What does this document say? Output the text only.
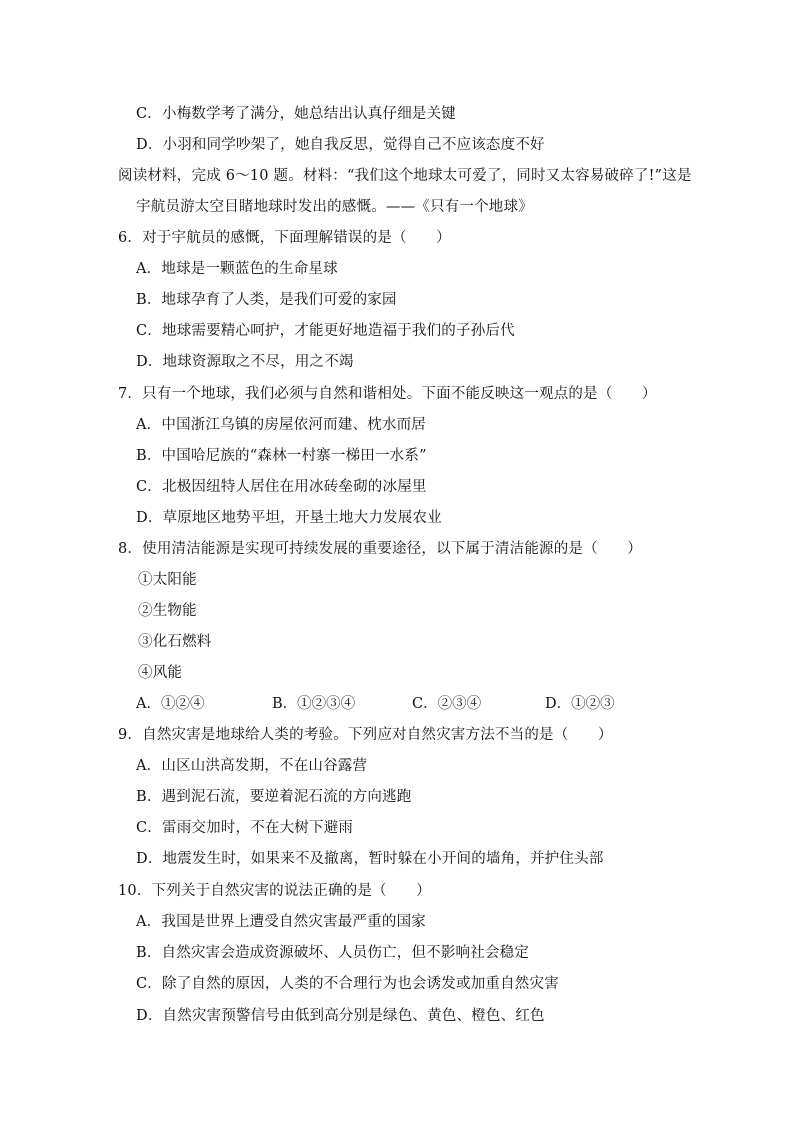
C．小梅数学考了满分，她总结出认真仔细是关键
D．小羽和同学吵架了，她自我反思，觉得自己不应该态度不好
阅读材料，完成 6～10 题。材料：“我们这个地球太可爱了，同时又太容易破碎了!”这是
宇航员游太空目睹地球时发出的感慨。——《只有一个地球》
6．对于宇航员的感慨，下面理解错误的是（　　）
A．地球是一颗蓝色的生命星球
B．地球孕育了人类，是我们可爱的家园
C．地球需要精心呵护，才能更好地造福于我们的子孙后代
D．地球资源取之不尽，用之不竭
7．只有一个地球，我们必须与自然和谐相处。下面不能反映这一观点的是（　　）
A．中国浙江乌镇的房屋依河而建、枕水而居
B．中国哈尼族的“森林一村寨一梯田一水系”
C．北极因纽特人居住在用冰砖垒砌的冰屋里
D．草原地区地势平坦，开垦土地大力发展农业
8．使用清洁能源是实现可持续发展的重要途径，以下属于清洁能源的是（　　）
①太阳能
②生物能
③化石燃料
④风能
A．①②④	B．①②③④	C．②③④	D．①②③
9．自然灾害是地球给人类的考验。下列应对自然灾害方法不当的是（　　）
A．山区山洪高发期，不在山谷露营
B．遇到泥石流，要逆着泥石流的方向逃跑
C．雷雨交加时，不在大树下避雨
D．地震发生时，如果来不及撤离，暂时躲在小开间的墙角，并护住头部
10．下列关于自然灾害的说法正确的是（　　）
A．我国是世界上遭受自然灾害最严重的国家
B．自然灾害会造成资源破坏、人员伤亡，但不影响社会稳定
C．除了自然的原因，人类的不合理行为也会诱发或加重自然灾害
D．自然灾害预警信号由低到高分别是绿色、黄色、橙色、红色
